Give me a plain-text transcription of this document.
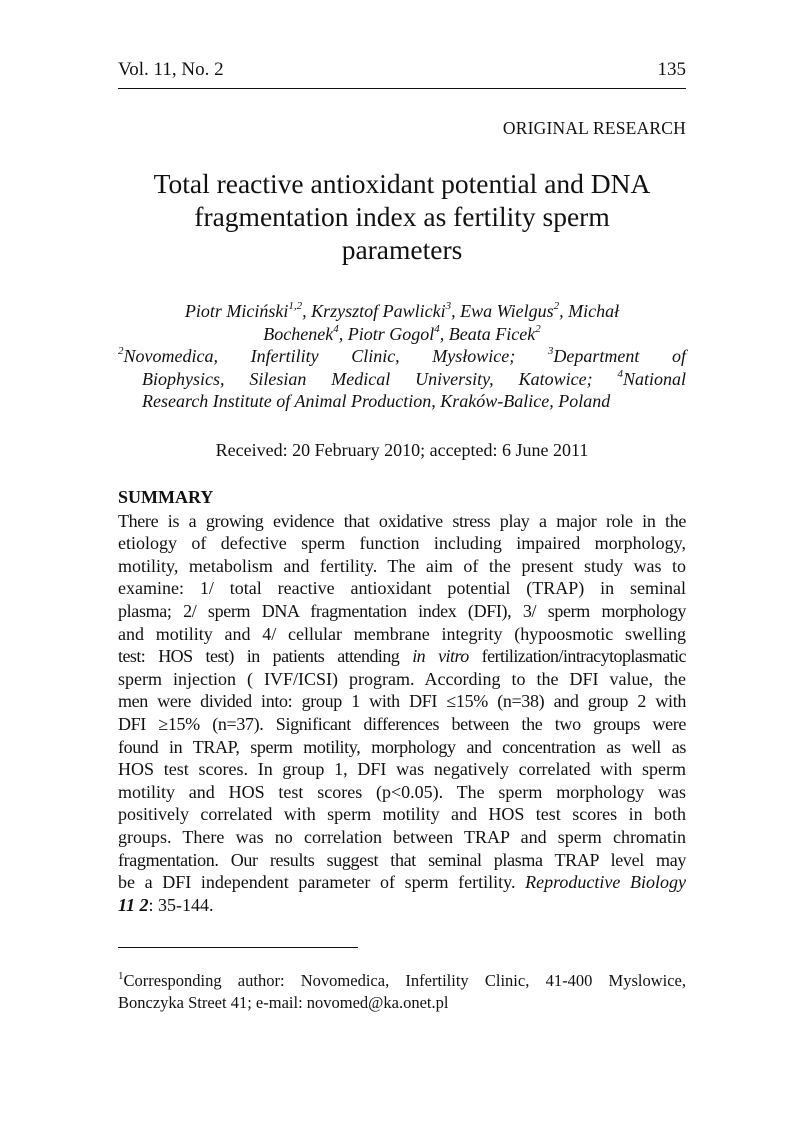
Vol. 11, No. 2	135
ORIGINAL RESEARCH
Total reactive antioxidant potential and DNA
fragmentation index as fertility sperm
parameters
Piotr Miciński$^{1,2}$, Krzysztof Pawlicki$^3$, Ewa Wielgus$^2$, Michał
Bochenek$^4$, Piotr Gogol$^4$, Beata Ficek$^2$
$^2$Novomedica, Infertility Clinic, Mysłowice; $^3$Department of
Biophysics, Silesian Medical University, Katowice; $^4$National
Research Institute of Animal Production, Kraków-Balice, Poland
Received: 20 February 2010; accepted: 6 June 2011
SUMMARY
There is a growing evidence that oxidative stress play a major role in the
etiology of defective sperm function including impaired morphology,
motility, metabolism and fertility. The aim of the present study was to
examine: 1/ total reactive antioxidant potential (TRAP) in seminal
plasma; 2/ sperm DNA fragmentation index (DFI), 3/ sperm morphology
and motility and 4/ cellular membrane integrity (hypoosmotic swelling
test: HOS test) in patients attending in vitro fertilization/intracytoplasmatic
sperm injection ( IVF/ICSI) program. According to the DFI value, the
men were divided into: group 1 with DFI ≤15% (n=38) and group 2 with
DFI ≥15% (n=37). Significant differences between the two groups were
found in TRAP, sperm motility, morphology and concentration as well as
HOS test scores. In group 1, DFI was negatively correlated with sperm
motility and HOS test scores (p<0.05). The sperm morphology was
positively correlated with sperm motility and HOS test scores in both
groups. There was no correlation between TRAP and sperm chromatin
fragmentation. Our results suggest that seminal plasma TRAP level may
be a DFI independent parameter of sperm fertility. Reproductive Biology
11 2: 35-144.
$^1$Corresponding author: Novomedica, Infertility Clinic, 41-400 Myslowice,
Bonczyka Street 41; e-mail: novomed@ka.onet.pl
